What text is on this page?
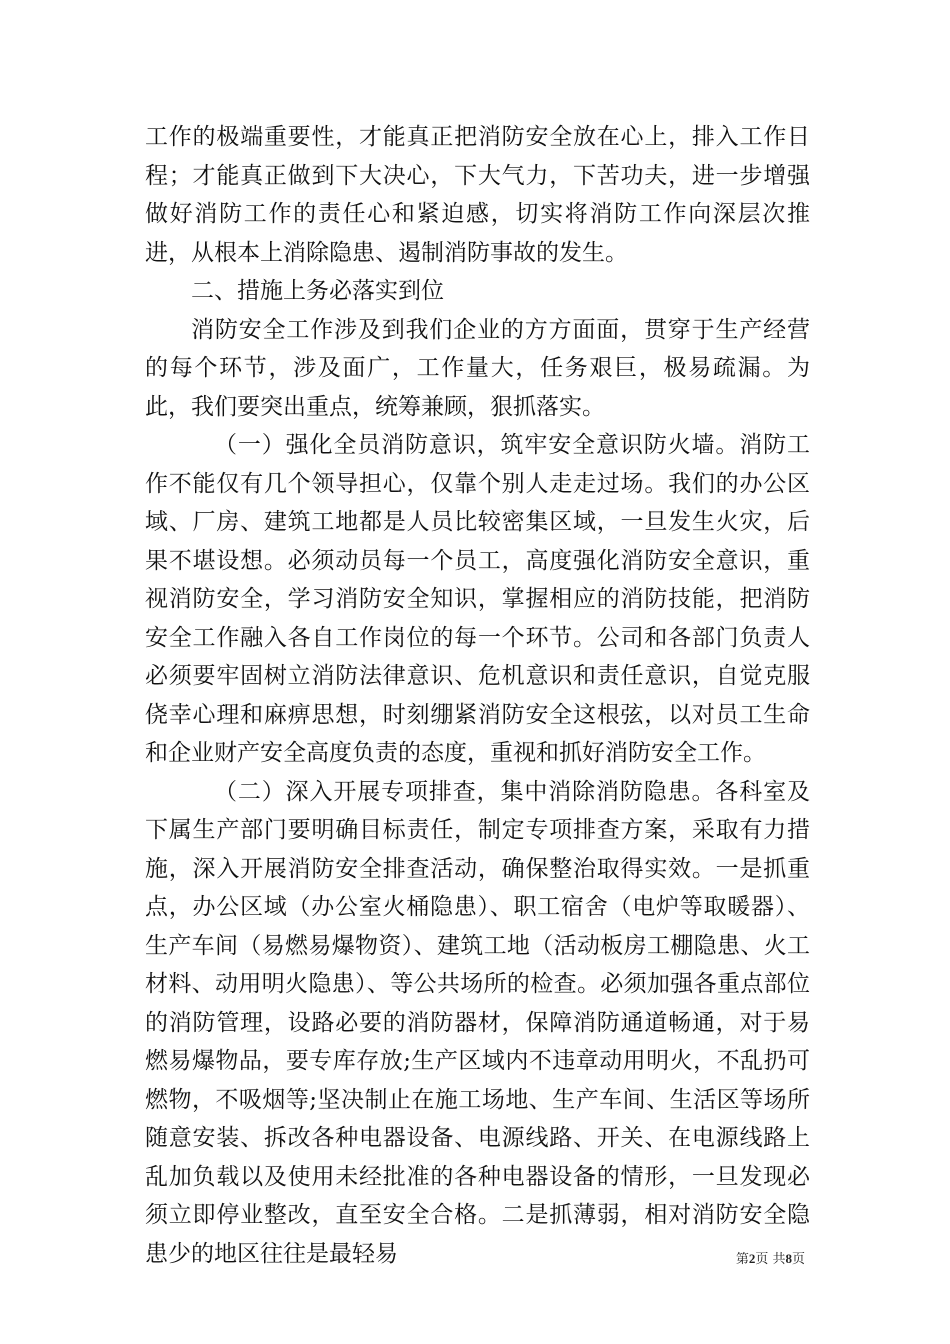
工作的极端重要性，才能真正把消防安全放在心上，排入工作日程；才能真正做到下大决心，下大气力，下苦功夫，进一步增强做好消防工作的责任心和紧迫感，切实将消防工作向深层次推进，从根本上消除隐患、遏制消防事故的发生。

二、措施上务必落实到位

消防安全工作涉及到我们企业的方方面面，贯穿于生产经营的每个环节，涉及面广，工作量大，任务艰巨，极易疏漏。为此，我们要突出重点，统筹兼顾，狠抓落实。

（一）强化全员消防意识，筑牢安全意识防火墙。消防工作不能仅有几个领导担心，仅靠个别人走走过场。我们的办公区域、厂房、建筑工地都是人员比较密集区域，一旦发生火灾，后果不堪设想。必须动员每一个员工，高度强化消防安全意识，重视消防安全，学习消防安全知识，掌握相应的消防技能，把消防安全工作融入各自工作岗位的每一个环节。公司和各部门负责人必须要牢固树立消防法律意识、危机意识和责任意识，自觉克服侥幸心理和麻痹思想，时刻绷紧消防安全这根弦，以对员工生命和企业财产安全高度负责的态度，重视和抓好消防安全工作。

（二）深入开展专项排查，集中消除消防隐患。各科室及下属生产部门要明确目标责任，制定专项排查方案，采取有力措施，深入开展消防安全排查活动，确保整治取得实效。一是抓重点，办公区域（办公室火桶隐患）、职工宿舍（电炉等取暖器）、生产车间（易燃易爆物资）、建筑工地（活动板房工棚隐患、火工材料、动用明火隐患）、等公共场所的检查。必须加强各重点部位的消防管理，设路必要的消防器材，保障消防通道畅通，对于易燃易爆物品，要专库存放;生产区域内不违章动用明火，不乱扔可燃物，不吸烟等;坚决制止在施工场地、生产车间、生活区等场所随意安装、拆改各种电器设备、电源线路、开关、在电源线路上乱加负载以及使用未经批准的各种电器设备的情形，一旦发现必须立即停业整改，直至安全合格。二是抓薄弱，相对消防安全隐患少的地区往往是最轻易	第2页 共8页
